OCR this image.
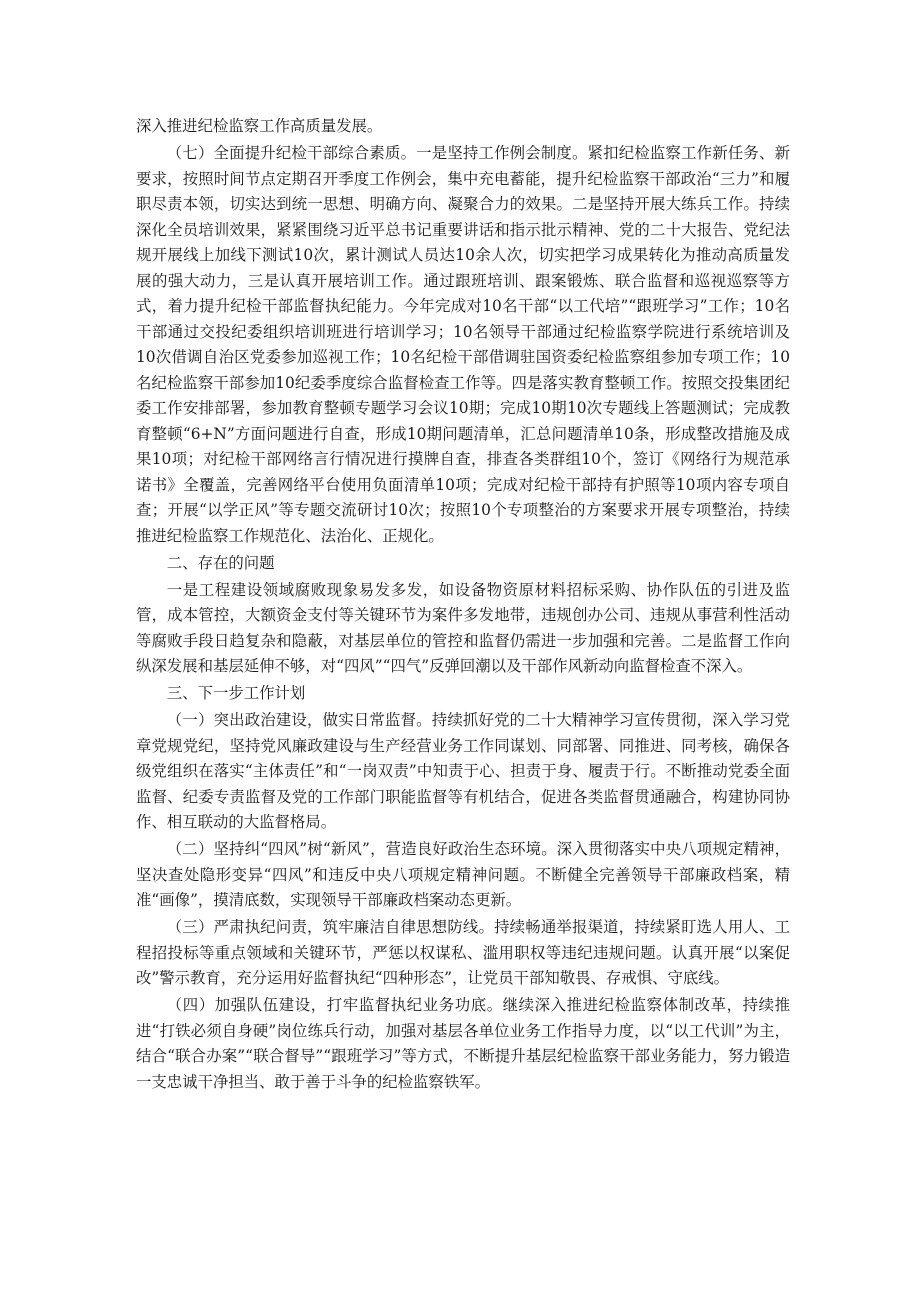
深入推进纪检监察工作高质量发展。

（七）全面提升纪检干部综合素质。一是坚持工作例会制度。紧扣纪检监察工作新任务、新要求，按照时间节点定期召开季度工作例会，集中充电蓄能，提升纪检监察干部政治“三力”和履职尽责本领，切实达到统一思想、明确方向、凝聚合力的效果。二是坚持开展大练兵工作。持续深化全员培训效果，紧紧围绕习近平总书记重要讲话和指示批示精神、党的二十大报告、党纪法规开展线上加线下测试10次，累计测试人员达10余人次，切实把学习成果转化为推动高质量发展的强大动力，三是认真开展培训工作。通过跟班培训、跟案锻炼、联合监督和巡视巡察等方式，着力提升纪检干部监督执纪能力。今年完成对10名干部“以工代培”“跟班学习”工作；10名干部通过交投纪委组织培训班进行培训学习；10名领导干部通过纪检监察学院进行系统培训及10次借调自治区党委参加巡视工作；10名纪检干部借调驻国资委纪检监察组参加专项工作；10名纪检监察干部参加10纪委季度综合监督检查工作等。四是落实教育整顿工作。按照交投集团纪委工作安排部署，参加教育整顿专题学习会议10期；完成10期10次专题线上答题测试；完成教育整顿“6+N”方面问题进行自查，形成10期问题清单，汇总问题清单10条，形成整改措施及成果10项；对纪检干部网络言行情况进行摸牌自查，排查各类群组10个，签订《网络行为规范承诺书》全覆盖，完善网络平台使用负面清单10项；完成对纪检干部持有护照等10项内容专项自查；开展“以学正风”等专题交流研讨10次；按照10个专项整治的方案要求开展专项整治，持续推进纪检监察工作规范化、法治化、正规化。

二、存在的问题

一是工程建设领域腐败现象易发多发，如设备物资原材料招标采购、协作队伍的引进及监管，成本管控，大额资金支付等关键环节为案件多发地带，违规创办公司、违规从事营利性活动等腐败手段日趋复杂和隐蔽，对基层单位的管控和监督仍需进一步加强和完善。二是监督工作向纵深发展和基层延伸不够，对“四风”“四气”反弹回潮以及干部作风新动向监督检查不深入。

三、下一步工作计划

（一）突出政治建设，做实日常监督。持续抓好党的二十大精神学习宣传贯彻，深入学习党章党规党纪，坚持党风廉政建设与生产经营业务工作同谋划、同部署、同推进、同考核，确保各级党组织在落实“主体责任”和“一岗双责”中知责于心、担责于身、履责于行。不断推动党委全面监督、纪委专责监督及党的工作部门职能监督等有机结合，促进各类监督贯通融合，构建协同协作、相互联动的大监督格局。

（二）坚持纠“四风”树“新风”，营造良好政治生态环境。深入贯彻落实中央八项规定精神，坚决查处隐形变异“四风”和违反中央八项规定精神问题。不断健全完善领导干部廉政档案，精准“画像”，摸清底数，实现领导干部廉政档案动态更新。

（三）严肃执纪问责，筑牢廉洁自律思想防线。持续畅通举报渠道，持续紧盯选人用人、工程招投标等重点领域和关键环节，严惩以权谋私、滥用职权等违纪违规问题。认真开展“以案促改”警示教育，充分运用好监督执纪“四种形态”，让党员干部知敬畏、存戒惧、守底线。

（四）加强队伍建设，打牢监督执纪业务功底。继续深入推进纪检监察体制改革，持续推进“打铁必须自身硬”岗位练兵行动，加强对基层各单位业务工作指导力度，以“以工代训”为主，结合“联合办案”“联合督导”“跟班学习”等方式，不断提升基层纪检监察干部业务能力，努力锻造一支忠诚干净担当、敢于善于斗争的纪检监察铁军。
